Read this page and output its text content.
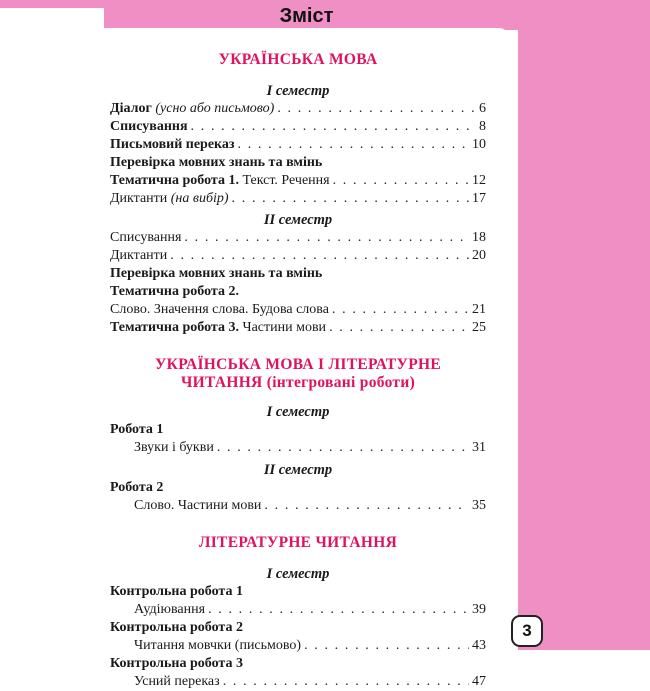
Зміст
УКРАЇНСЬКА МОВА
І семестр
Діалог (усно або письмово) . . .	6
Списування . . .	8
Письмовий переказ . . .	10
Перевірка мовних знань та вмінь
Тематична робота 1. Текст. Речення . . .	12
Диктанти (на вибір) . . .	17
ІІ семестр
Списування . . .	18
Диктанти . . .	20
Перевірка мовних знань та вмінь
Тематична робота 2.
Слово. Значення слова. Будова слова . . .	21
Тематична робота 3. Частини мови . . .	25
УКРАЇНСЬКА МОВА І ЛІТЕРАТУРНЕ
ЧИТАННЯ (інтегровані роботи)
І семестр
Робота 1
Звуки і букви . . .	31
ІІ семестр
Робота 2
Слово. Частини мови . . .	35
ЛІТЕРАТУРНЕ ЧИТАННЯ
І семестр
Контрольна робота 1
Аудіювання . . .	39
Контрольна робота 2
Читання мовчки (письмово) . . .	43
Контрольна робота 3
Усний переказ . . .	47
3
